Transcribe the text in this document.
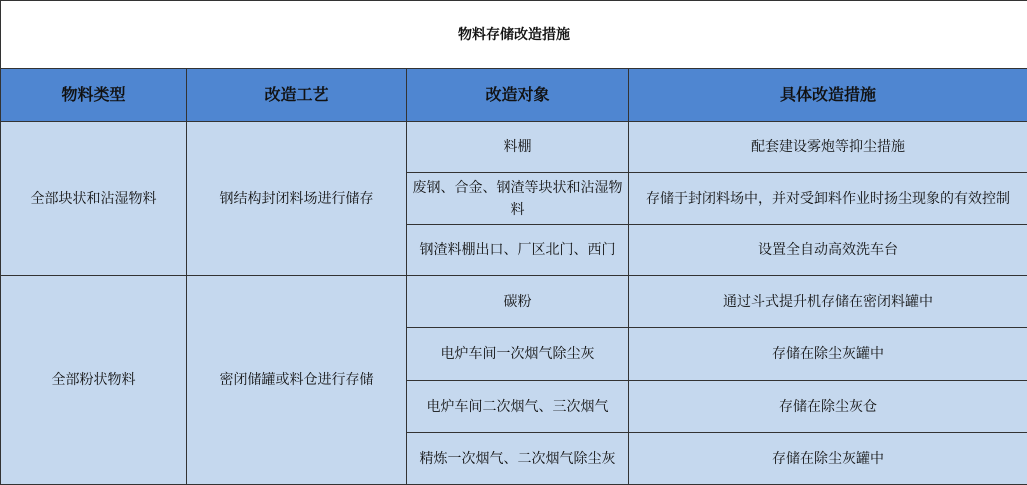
物料存储改造措施			
物料类型	改造工艺	改造对象	具体改造措施
全部块状和沾湿物料	钢结构封闭料场进行储存	料棚	配套建设雾炮等抑尘措施
		废钢、合金、钢渣等块状和沾湿物料	存储于封闭料场中，并对受卸料作业时扬尘现象的有效控制
		钢渣料棚出口、厂区北门、西门	设置全自动高效洗车台
全部粉状物料	密闭储罐或料仓进行存储	碳粉	通过斗式提升机存储在密闭料罐中
		电炉车间一次烟气除尘灰	存储在除尘灰罐中
		电炉车间二次烟气、三次烟气	存储在除尘灰仓
		精炼一次烟气、二次烟气除尘灰	存储在除尘灰罐中
